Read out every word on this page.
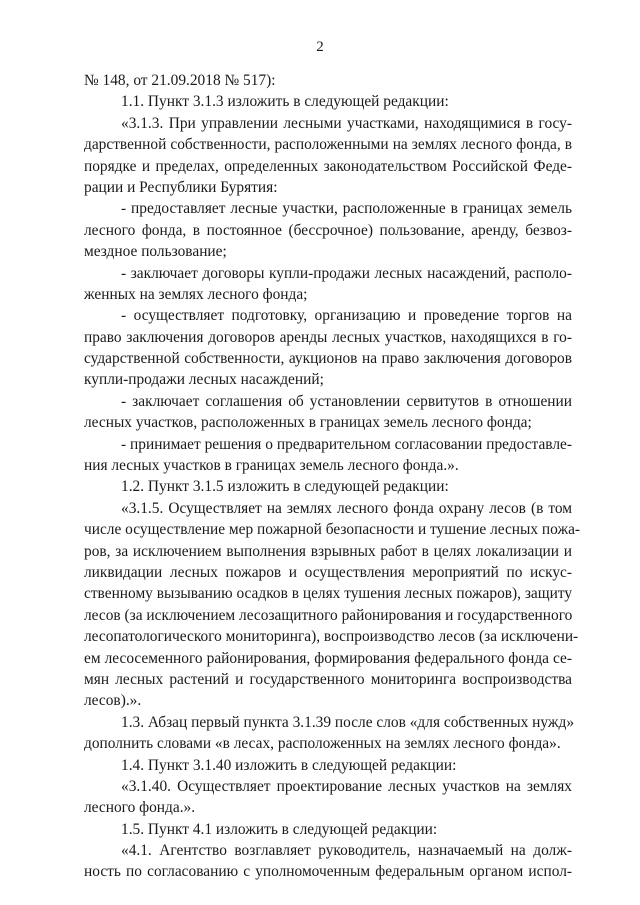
2
№ 148, от 21.09.2018 № 517):
1.1. Пункт 3.1.3 изложить в следующей редакции:
«3.1.3. При управлении лесными участками, находящимися в госу-
дарственной собственности, расположенными на землях лесного фонда, в
порядке и пределах, определенных законодательством Российской Феде-
рации и Республики Бурятия:
- предоставляет лесные участки, расположенные в границах земель
лесного фонда, в постоянное (бессрочное) пользование, аренду, безвоз-
мездное пользование;
- заключает договоры купли-продажи лесных насаждений, располо-
женных на землях лесного фонда;
- осуществляет подготовку, организацию и проведение торгов на
право заключения договоров аренды лесных участков, находящихся в го-
сударственной собственности, аукционов на право заключения договоров
купли-продажи лесных насаждений;
- заключает соглашения об установлении сервитутов в отношении
лесных участков, расположенных в границах земель лесного фонда;
- принимает решения о предварительном согласовании предоставле-
ния лесных участков в границах земель лесного фонда.».
1.2. Пункт 3.1.5 изложить в следующей редакции:
«3.1.5. Осуществляет на землях лесного фонда охрану лесов (в том
числе осуществление мер пожарной безопасности и тушение лесных пожа-
ров, за исключением выполнения взрывных работ в целях локализации и
ликвидации лесных пожаров и осуществления мероприятий по искус-
ственному вызыванию осадков в целях тушения лесных пожаров), защиту
лесов (за исключением лесозащитного районирования и государственного
лесопатологического мониторинга), воспроизводство лесов (за исключени-
ем лесосеменного районирования, формирования федерального фонда се-
мян лесных растений и государственного мониторинга воспроизводства
лесов).».
1.3. Абзац первый пункта 3.1.39 после слов «для собственных нужд»
дополнить словами «в лесах, расположенных на землях лесного фонда».
1.4. Пункт 3.1.40 изложить в следующей редакции:
«3.1.40. Осуществляет проектирование лесных участков на землях
лесного фонда.».
1.5. Пункт 4.1 изложить в следующей редакции:
«4.1. Агентство возглавляет руководитель, назначаемый на долж-
ность по согласованию с уполномоченным федеральным органом испол-
